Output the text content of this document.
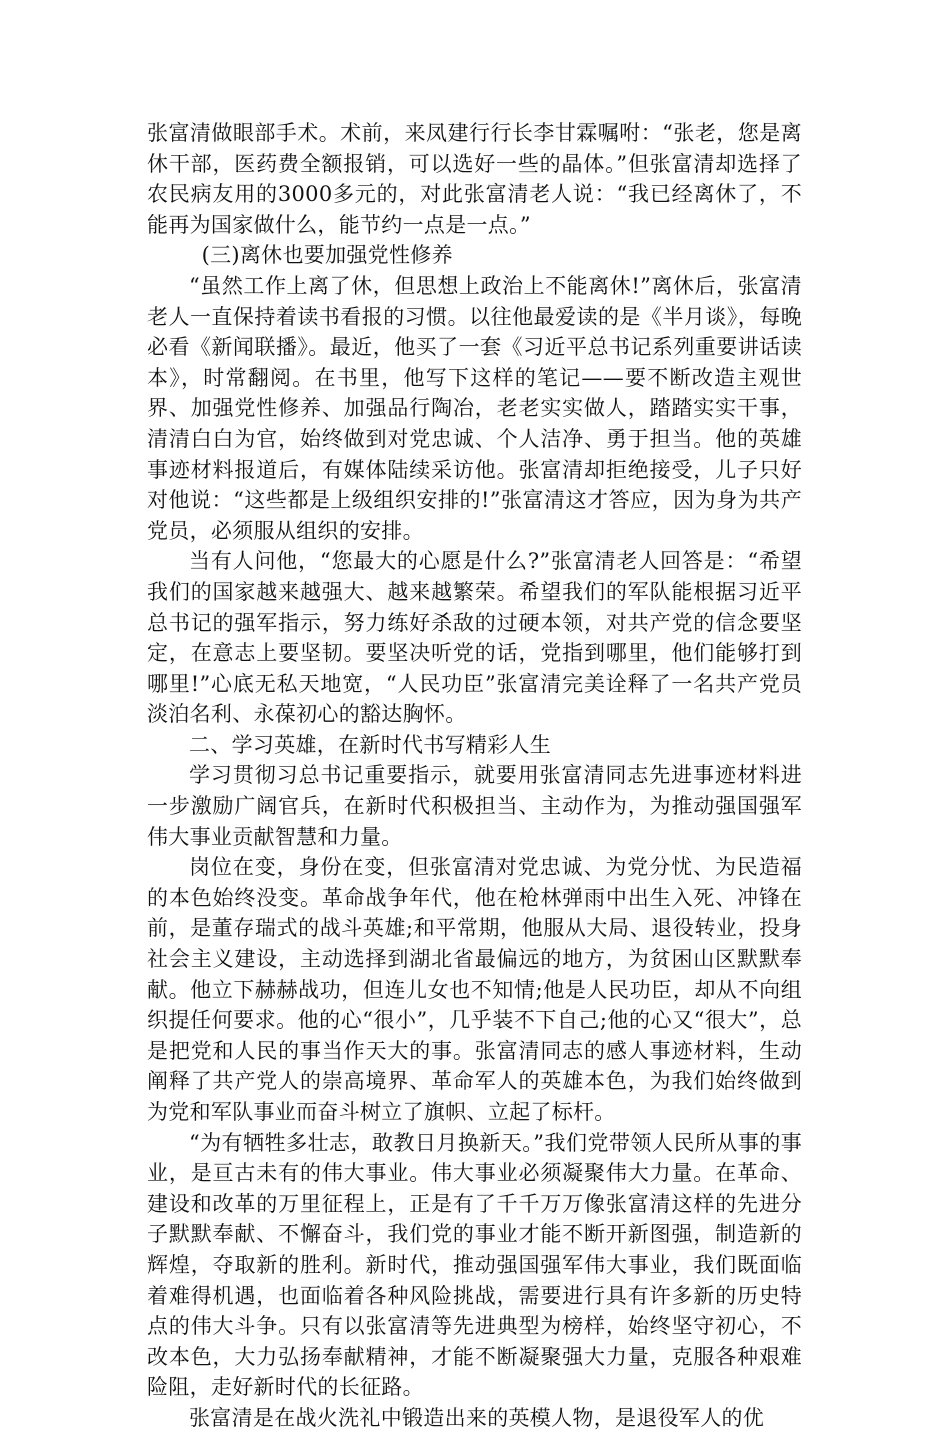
张富清做眼部手术。术前，来凤建行行长李甘霖嘱咐：“张老，您是离休干部，医药费全额报销，可以选好一些的晶体。”但张富清却选择了农民病友用的3000多元的，对此张富清老人说：“我已经离休了，不能再为国家做什么，能节约一点是一点。”

(三)离休也要加强党性修养

“虽然工作上离了休，但思想上政治上不能离休!”离休后，张富清老人一直保持着读书看报的习惯。以往他最爱读的是《半月谈》，每晚必看《新闻联播》。最近，他买了一套《习近平总书记系列重要讲话读本》，时常翻阅。在书里，他写下这样的笔记——要不断改造主观世界、加强党性修养、加强品行陶冶，老老实实做人，踏踏实实干事，清清白白为官，始终做到对党忠诚、个人洁净、勇于担当。他的英雄事迹材料报道后，有媒体陆续采访他。张富清却拒绝接受，儿子只好对他说：“这些都是上级组织安排的!”张富清这才答应，因为身为共产党员，必须服从组织的安排。

当有人问他，“您最大的心愿是什么?”张富清老人回答是：“希望我们的国家越来越强大、越来越繁荣。希望我们的军队能根据习近平总书记的强军指示，努力练好杀敌的过硬本领，对共产党的信念要坚定，在意志上要坚韧。要坚决听党的话，党指到哪里，他们能够打到哪里!”心底无私天地宽，“人民功臣”张富清完美诠释了一名共产党员淡泊名利、永葆初心的豁达胸怀。

二、学习英雄，在新时代书写精彩人生

学习贯彻习总书记重要指示，就要用张富清同志先进事迹材料进一步激励广阔官兵，在新时代积极担当、主动作为，为推动强国强军伟大事业贡献智慧和力量。

岗位在变，身份在变，但张富清对党忠诚、为党分忧、为民造福的本色始终没变。革命战争年代，他在枪林弹雨中出生入死、冲锋在前，是董存瑞式的战斗英雄;和平常期，他服从大局、退役转业，投身社会主义建设，主动选择到湖北省最偏远的地方，为贫困山区默默奉献。他立下赫赫战功，但连儿女也不知情;他是人民功臣，却从不向组织提任何要求。他的心“很小”，几乎装不下自己;他的心又“很大”，总是把党和人民的事当作天大的事。张富清同志的感人事迹材料，生动阐释了共产党人的崇高境界、革命军人的英雄本色，为我们始终做到为党和军队事业而奋斗树立了旗帜、立起了标杆。

“为有牺牲多壮志，敢教日月换新天。”我们党带领人民所从事的事业，是亘古未有的伟大事业。伟大事业必须凝聚伟大力量。在革命、建设和改革的万里征程上，正是有了千千万万像张富清这样的先进分子默默奉献、不懈奋斗，我们党的事业才能不断开新图强，制造新的辉煌，夺取新的胜利。新时代，推动强国强军伟大事业，我们既面临着难得机遇，也面临着各种风险挑战，需要进行具有许多新的历史特点的伟大斗争。只有以张富清等先进典型为榜样，始终坚守初心，不改本色，大力弘扬奉献精神，才能不断凝聚强大力量，克服各种艰难险阻，走好新时代的长征路。

张富清是在战火洗礼中锻造出来的英模人物，是退役军人的优
